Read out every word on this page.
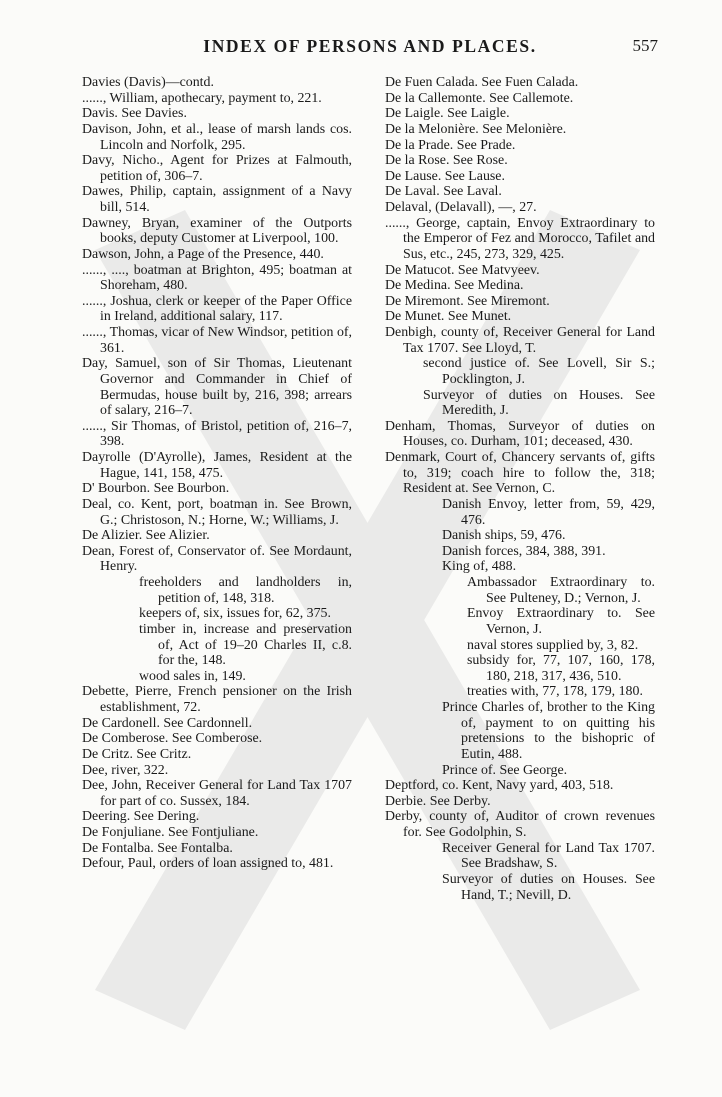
INDEX OF PERSONS AND PLACES.	557
Davies (Davis)—contd.
......, William, apothecary, payment to, 221.
Davis. See Davies.
Davison, John, et al., lease of marsh lands cos. Lincoln and Norfolk, 295.
Davy, Nicho., Agent for Prizes at Falmouth, petition of, 306–7.
Dawes, Philip, captain, assignment of a Navy bill, 514.
Dawney, Bryan, examiner of the Outports books, deputy Customer at Liverpool, 100.
Dawson, John, a Page of the Presence, 440.
......, ...., boatman at Brighton, 495; boatman at Shoreham, 480.
......, Joshua, clerk or keeper of the Paper Office in Ireland, additional salary, 117.
......, Thomas, vicar of New Windsor, petition of, 361.
Day, Samuel, son of Sir Thomas, Lieutenant Governor and Commander in Chief of Bermudas, house built by, 216, 398; arrears of salary, 216–7.
......, Sir Thomas, of Bristol, petition of, 216–7, 398.
Dayrolle (D'Ayrolle), James, Resident at the Hague, 141, 158, 475.
D' Bourbon. See Bourbon.
Deal, co. Kent, port, boatman in. See Brown, G.; Christoson, N.; Horne, W.; Williams, J.
De Alizier. See Alizier.
Dean, Forest of, Conservator of. See Mordaunt, Henry.
freeholders and landholders in, petition of, 148, 318.
keepers of, six, issues for, 62, 375.
timber in, increase and preservation of, Act of 19–20 Charles II, c.8. for the, 148.
wood sales in, 149.
Debette, Pierre, French pensioner on the Irish establishment, 72.
De Cardonell. See Cardonnell.
De Comberose. See Comberose.
De Critz. See Critz.
Dee, river, 322.
Dee, John, Receiver General for Land Tax 1707 for part of co. Sussex, 184.
Deering. See Dering.
De Fonjuliane. See Fontjuliane.
De Fontalba. See Fontalba.
Defour, Paul, orders of loan assigned to, 481.
De Fuen Calada. See Fuen Calada.
De la Callemonte. See Callemote.
De Laigle. See Laigle.
De la Melonière. See Melonière.
De la Prade. See Prade.
De la Rose. See Rose.
De Lause. See Lause.
De Laval. See Laval.
Delaval, (Delavall), —, 27.
......, George, captain, Envoy Extraordinary to the Emperor of Fez and Morocco, Tafilet and Sus, etc., 245, 273, 329, 425.
De Matucot. See Matvyeev.
De Medina. See Medina.
De Miremont. See Miremont.
De Munet. See Munet.
Denbigh, county of, Receiver General for Land Tax 1707. See Lloyd, T.
second justice of. See Lovell, Sir S.; Pocklington, J.
Surveyor of duties on Houses. See Meredith, J.
Denham, Thomas, Surveyor of duties on Houses, co. Durham, 101; deceased, 430.
Denmark, Court of, Chancery servants of, gifts to, 319; coach hire to follow the, 318; Resident at. See Vernon, C.
Danish Envoy, letter from, 59, 429, 476.
Danish ships, 59, 476.
Danish forces, 384, 388, 391.
King of, 488.
Ambassador Extraordinary to. See Pulteney, D.; Vernon, J.
Envoy Extraordinary to. See Vernon, J.
naval stores supplied by, 3, 82.
subsidy for, 77, 107, 160, 178, 180, 218, 317, 436, 510.
treaties with, 77, 178, 179, 180.
Prince Charles of, brother to the King of, payment to on quitting his pretensions to the bishopric of Eutin, 488.
Prince of. See George.
Deptford, co. Kent, Navy yard, 403, 518.
Derbie. See Derby.
Derby, county of, Auditor of crown revenues for. See Godolphin, S.
Receiver General for Land Tax 1707. See Bradshaw, S.
Surveyor of duties on Houses. See Hand, T.; Nevill, D.
